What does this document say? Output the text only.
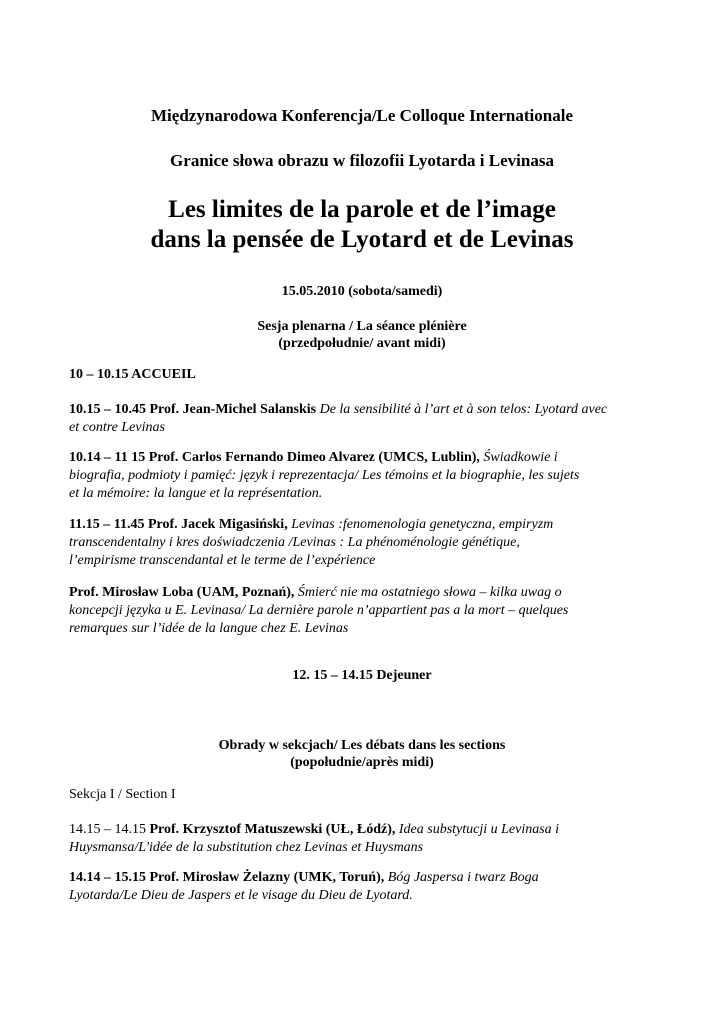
Międzynarodowa Konferencja/Le Colloque Internationale
Granice słowa obrazu w filozofii Lyotarda i Levinasa
Les limites de la parole et de l’image
dans la pensée de Lyotard et de Levinas
15.05.2010 (sobota/samedi)
Sesja plenarna / La séance plénière
(przedpołudnie/ avant midi)
10 – 10.15 ACCUEIL
10.15 – 10.45 Prof. Jean-Michel Salanskis De la sensibilité à l’art et à son telos: Lyotard avec
et contre Levinas
10.14 – 11 15 Prof. Carlos Fernando Dimeo Alvarez (UMCS, Lublin), Świadkowie i
biografia, podmioty i pamięć: język i reprezentacja/ Les témoins et la biographie, les sujets
et la mémoire: la langue et la représentation.
11.15 – 11.45 Prof. Jacek Migasiński, Levinas :fenomenologia genetyczna, empiryzm
transcendentalny i kres doświadczenia /Levinas : La phénoménologie génétique,
l’empirisme transcendantal et le terme de l’expérience
Prof. Mirosław Loba (UAM, Poznań), Śmierć nie ma ostatniego słowa – kilka uwag o
koncepcji języka u E. Levinasa/ La dernière parole n’appartient pas a la mort – quelques
remarques sur l’idée de la langue chez E. Levinas
12. 15 – 14.15 Dejeuner
Obrady w sekcjach/ Les débats dans les sections
(popołudnie/après midi)
Sekcja I / Section I
14.15 – 14.15 Prof. Krzysztof Matuszewski (UŁ, Łódź), Idea substytucji u Levinasa i
Huysmansa/L'idée de la substitution chez Levinas et Huysmans
14.14 – 15.15 Prof. Mirosław Żelazny (UMK, Toruń), Bóg Jaspersa i twarz Boga
Lyotarda/Le Dieu de Jaspers et le visage du Dieu de Lyotard.
